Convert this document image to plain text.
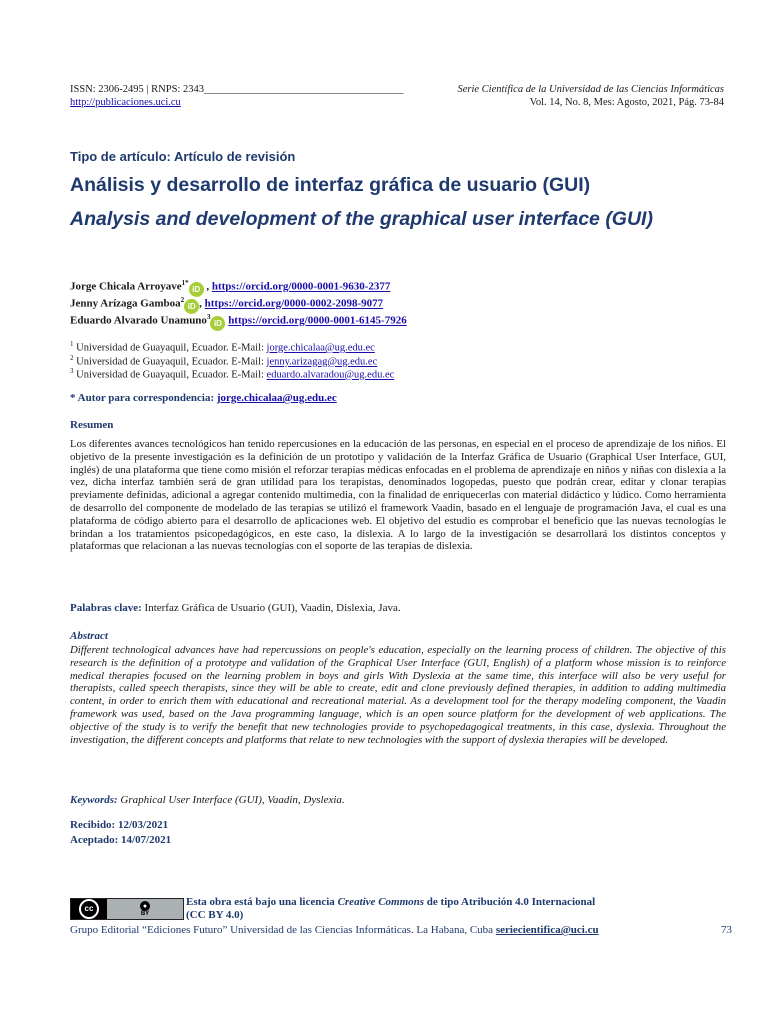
ISSN: 2306-2495 | RNPS: 2343______________________________________	Serie Científica de la Universidad de las Ciencias Informáticas
http://publicaciones.uci.cu	Vol. 14, No. 8, Mes: Agosto, 2021, Pág. 73-84
Tipo de artículo: Artículo de revisión
Análisis y desarrollo de interfaz gráfica de usuario (GUI)
Analysis and development of the graphical user interface (GUI)
Jorge Chicala Arroyave$^{1*}$iD , https://orcid.org/0000-0001-9630-2377
Jenny Arízaga Gamboa$^2$iD , https://orcid.org/0000-0002-2098-9077
Eduardo Alvarado Unamuno$^3$iD https://orcid.org/0000-0001-6145-7926
$^1$ Universidad de Guayaquil, Ecuador. E-Mail: jorge.chicalaa@ug.edu.ec
$^2$ Universidad de Guayaquil, Ecuador. E-Mail: jenny.arizagag@ug.edu.ec
$^3$ Universidad de Guayaquil, Ecuador. E-Mail: eduardo.alvaradou@ug.edu.ec
* Autor para correspondencia: jorge.chicalaa@ug.edu.ec
Resumen
Los diferentes avances tecnológicos han tenido repercusiones en la educación de las personas, en especial en el proceso de aprendizaje de los niños. El objetivo de la presente investigación es la definición de un prototipo y validación de la Interfaz Gráfica de Usuario (Graphical User Interface, GUI, inglés) de una plataforma que tiene como misión el reforzar terapias médicas enfocadas en el problema de aprendizaje en niños y niñas con dislexia a la vez, dicha interfaz también será de gran utilidad para los terapistas, denominados logopedas, puesto que podrán crear, editar y clonar terapias previamente definidas, adicional a agregar contenido multimedia, con la finalidad de enriquecerlas con material didáctico y lúdico. Como herramienta de desarrollo del componente de modelado de las terapias se utilizó el framework Vaadin, basado en el lenguaje de programación Java, el cual es una plataforma de código abierto para el desarrollo de aplicaciones web. El objetivo del estudio es comprobar el beneficio que las nuevas tecnologías le brindan a los tratamientos psicopedagógicos, en este caso, la dislexia. A lo largo de la investigación se desarrollará los distintos conceptos y plataformas que relacionan a las nuevas tecnologías con el soporte de las terapias de dislexia.
Palabras clave: Interfaz Gráfica de Usuario (GUI), Vaadin, Dislexia, Java.
Abstract
Different technological advances have had repercussions on people's education, especially on the learning process of children. The objective of this research is the definition of a prototype and validation of the Graphical User Interface (GUI, English) of a platform whose mission is to reinforce medical therapies focused on the learning problem in boys and girls With Dyslexia at the same time, this interface will also be very useful for therapists, called speech therapists, since they will be able to create, edit and clone previously defined therapies, in addition to adding multimedia content, in order to enrich them with educational and recreational material. As a development tool for the therapy modeling component, the Vaadin framework was used, based on the Java programming language, which is an open source platform for the development of web applications. The objective of the study is to verify the benefit that new technologies provide to psychopedagogical treatments, in this case, dyslexia. Throughout the investigation, the different concepts and platforms that relate to new technologies with the support of dyslexia therapies will be developed.
Keywords: Graphical User Interface (GUI), Vaadin, Dyslexia.
Recibido: 12/03/2021
Aceptado: 14/07/2021
cc	●
BY
Esta obra está bajo una licencia Creative Commons de tipo Atribución 4.0 Internacional
(CC BY 4.0)
Grupo Editorial “Ediciones Futuro” Universidad de las Ciencias Informáticas. La Habana, Cuba seriecientifica@uci.cu	73
